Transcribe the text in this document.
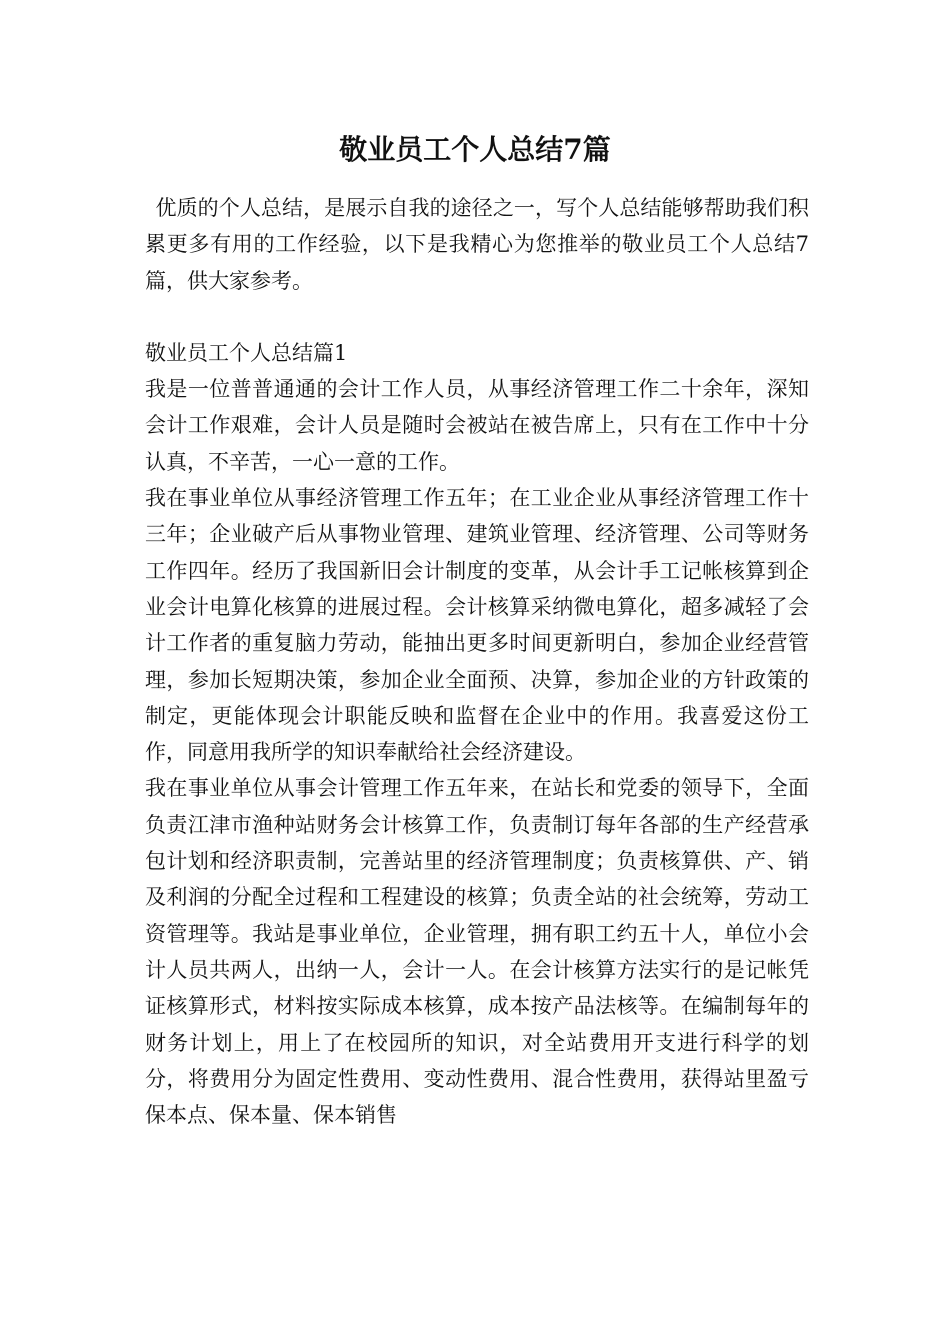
敬业员工个人总结7篇

优质的个人总结，是展示自我的途径之一，写个人总结能够帮助我们积累更多有用的工作经验，以下是我精心为您推举的敬业员工个人总结7篇，供大家参考。

敬业员工个人总结篇1

我是一位普普通通的会计工作人员，从事经济管理工作二十余年，深知会计工作艰难，会计人员是随时会被站在被告席上，只有在工作中十分认真，不辛苦，一心一意的工作。

我在事业单位从事经济管理工作五年；在工业企业从事经济管理工作十三年；企业破产后从事物业管理、建筑业管理、经济管理、公司等财务工作四年。经历了我国新旧会计制度的变革，从会计手工记帐核算到企业会计电算化核算的进展过程。会计核算采纳微电算化，超多减轻了会计工作者的重复脑力劳动，能抽出更多时间更新明白，参加企业经营管理，参加长短期决策，参加企业全面预、决算，参加企业的方针政策的制定，更能体现会计职能反映和监督在企业中的作用。我喜爱这份工作，同意用我所学的知识奉献给社会经济建设。

我在事业单位从事会计管理工作五年来，在站长和党委的领导下，全面负责江津市渔种站财务会计核算工作，负责制订每年各部的生产经营承包计划和经济职责制，完善站里的经济管理制度；负责核算供、产、销及利润的分配全过程和工程建设的核算；负责全站的社会统筹，劳动工资管理等。我站是事业单位，企业管理，拥有职工约五十人，单位小会计人员共两人，出纳一人，会计一人。在会计核算方法实行的是记帐凭证核算形式，材料按实际成本核算，成本按产品法核等。在编制每年的财务计划上，用上了在校园所的知识，对全站费用开支进行科学的划分，将费用分为固定性费用、变动性费用、混合性费用，获得站里盈亏保本点、保本量、保本销售
